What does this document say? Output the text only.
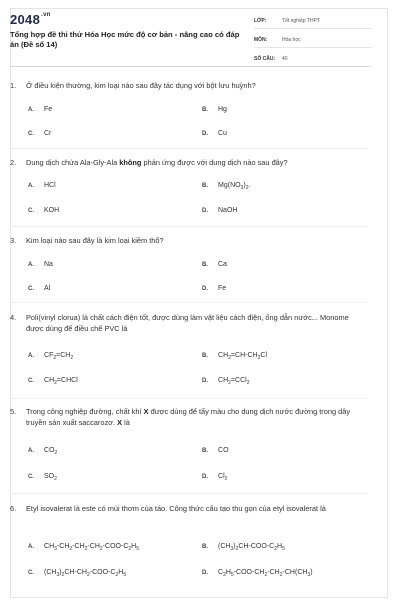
$2048^{.vn}$
Tổng hợp đề thi thử Hóa Học mức độ cơ bản - nâng cao có đáp án (Đề số 14)
LỚP:	Tốt nghiệp THPT
MÔN:	Hóa học
SỐ CÂU:	40
1.	Ở điều kiện thường, kim loại nào sau đây tác dụng với bột lưu huỳnh?
A.	Fe	B.	Hg
C.	Cr	D.	Cu
2.	Dung dịch chứa Ala-Gly-Ala không phản ứng được với dung dịch nào sau đây?
A.	HCl	B.	$Mg(NO_3)_2$.
C.	KOH	D.	NaOH
3.	Kim loại nào sau đây là kim loại kiềm thổ?
A.	Na	B.	Ca
C.	Al	D.	Fe
4.	Poli(vinyl clorua) là chất cách điện tốt, được dùng làm vật liệu cách điện, ống dẫn nước... Monome được dùng để điều chế PVC là
A.	$CF_2=CH_2$	B.	$CH_2=CH-CH_2Cl$
C.	$CH_2=CHCl$	D.	$CH_2=CCl_2$
5.	Trong công nghiệp đường, chất khí X được dùng để tẩy màu cho dung dịch nước đường trong dây truyền sản xuất saccarozơ. X là
A.	$CO_2$	B.	CO
C.	$SO_2$	D.	$Cl_2$
6.	Etyl isovalerat là este có mùi thơm của táo. Công thức cấu tạo thu gọn của etyl isovalerat là
A.	$CH_3-CH_2-CH_2-CH_2-COO-C_2H_5$	B.	$(CH_3)_2CH-COO-C_2H_5$
C.	$(CH_3)_2CH-CH_2-COO-C_2H_5$	D.	$C_2H_5-COO-CH_2-CH_2-CH(CH_3)$
